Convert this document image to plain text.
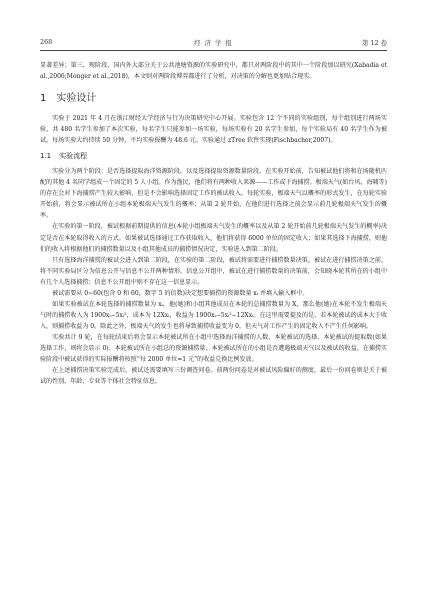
268	经 济 学 报	第 12 卷

显著差异；第三，现阶段，国内外大部分关于公共池塘资源的实验研究中，都只对两阶段中的其中一个阶段加以研究(Xabadia et al.,2006;Monger et al.,2018)，本文则对两阶段博弈都进行了分析，对决策的分解也更加贴合现实。

1 实验设计

实验于 2021 年 4 月在浙江财经大学经济与行为决策研究中心开展。实验包含 12 个不同的实验组别，每个组别进行两场实验，共 480 名学生参加了本次实验，每名学生只能参加一场实验，每场实验有 20 名学生参加，每个实验局有 40 名学生作为被试。每场实验大约持续 50 分钟，平均实验报酬为 48.6 元。实验通过 zTree 软件实现(Fischbacher,2007)。

1.1 实验流程

实验分为两个阶段：是否选择提取海洋资源阶段，以及选择提取资源数量阶段。在实验开始前，告知被试他们将和在场随机匹配的其他 4 名同学组成一个固定的 5 人小组。作为渔民，他们将有两种收入来源——工作或下海捕捞。极端天气(如台风、海啸等)的存在会对下海捕捞产生较大影响，但是不会影响选择固定工作的被试收入。每轮实验，极端天气以概率的形式发生，在每轮实验开始前，将会显示被试所在小组本轮极端天气发生的概率；从第 2 轮开始，在他们进行选择之前会显示前几轮极端天气发生的概率。

在实验的第一阶段，被试根据前期提供的信息(本轮小组极端天气发生的概率以及从第 2 轮开始前几轮极端天气发生的概率)决定是否在本轮取得收入的方式。如果被试选择通过工作获取收入，他们将获得 6000 单位的固定收入；如果其选择下海捕捞，则他们的收入将根据他们的捕捞数量以及小组其他成员的捕捞情况决定，实验进入到第二阶段。

只有选择海洋捕捞的被试会进入到第二阶段，在实验的第二阶段，被试将需要进行捕捞数量决策。被试在进行捕捞决策之前，将不同实验局区分为信息公开与信息不公开两种情形。信息公开组中，被试在进行捕捞数量的决策前，会知晓本轮其所在的小组中有几个人选择捕捞；信息不公开组中则不存在这一信息显示。

被试需要从 0~60(包含 0 和 60，数字 5 的倍数)决定想要捕捞的资源数量 xᵢ 并填入输入框中。

如果实验被试在本轮选择的捕捞数量为 xᵢ，他(她)和小组其他成员在本轮的总捕捞数量为 X，那么他(她)在本轮不发生极端天气时的捕捞收入为 1900xᵢ−5xᵢ²，成本为 12Xxᵢ，收益为 1900xᵢ−5xᵢ²−12Xxᵢ。在这里需要提及的是，若本轮被试的成本大于收入，则捕捞收益为 0。除此之外，极端天气的发生也将导致捕捞收益变为 0，但天气对工作产生的固定收入不产生任何影响。

实验共计 9 轮，在每轮结束后将会显示本轮被试所在小组中选择海洋捕捞的人数、本轮被试的选择、本轮被试的提取数(如果选择工作，则将会显示 0)、本轮被试所在小组总的资源捕捞量、本轮被试所在的小组是否遭遇极端天气以及被试的收益。在捕捞实验阶段中被试获得的实际报酬将按照“每 2000 单位=1 元”的收益兑换比例发放。

在上述捕捞决策实验完成后，被试还需要填写三份调查问卷。前两份问卷是对被试风险偏好的测度，最后一份问卷则是关于被试的性别、年龄、专业等个体社会特征信息。
